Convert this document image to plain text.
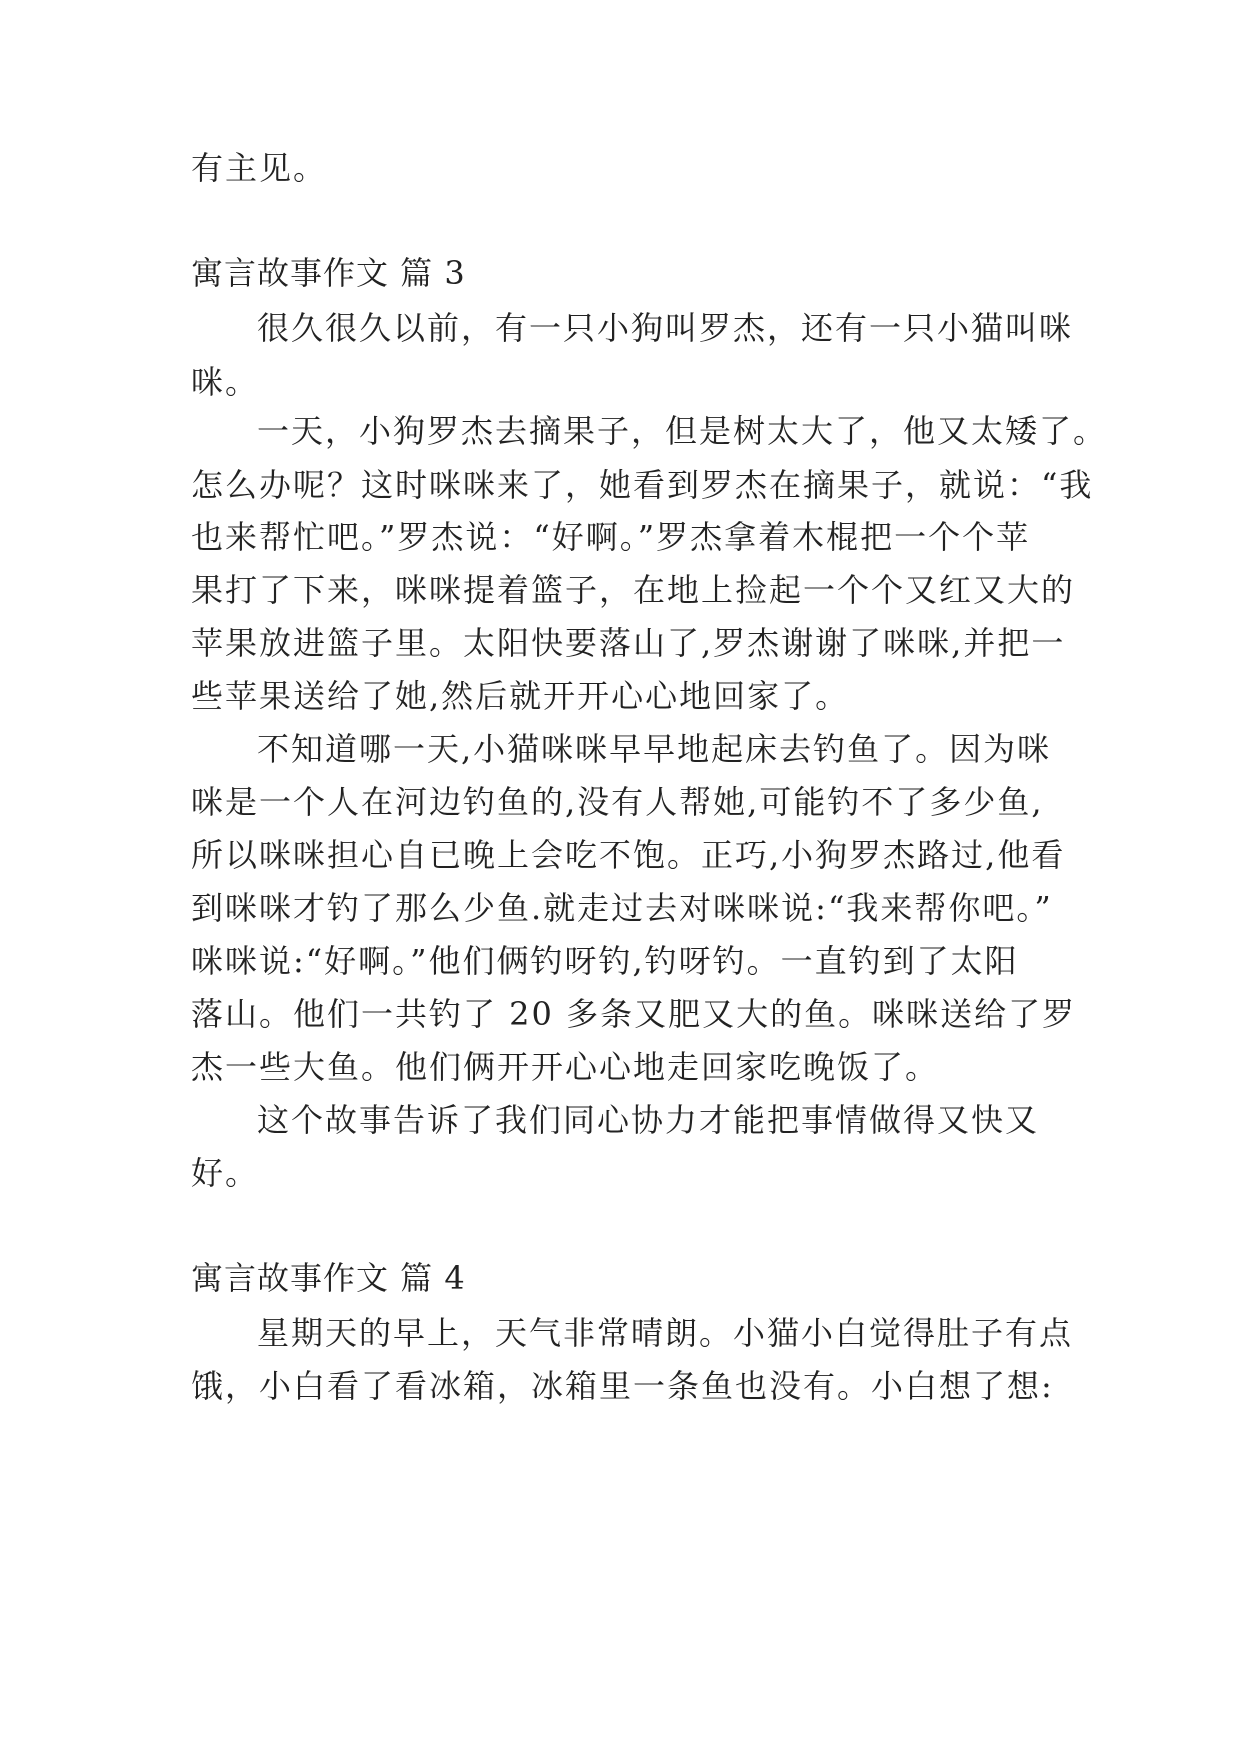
有主见。
寓言故事作文 篇 3
很久很久以前，有一只小狗叫罗杰，还有一只小猫叫咪
咪。
一天，小狗罗杰去摘果子，但是树太大了，他又太矮了。
怎么办呢？这时咪咪来了，她看到罗杰在摘果子，就说：“我
也来帮忙吧。”罗杰说：“好啊。”罗杰拿着木棍把一个个苹
果打了下来，咪咪提着篮子，在地上捡起一个个又红又大的
苹果放进篮子里。太阳快要落山了,罗杰谢谢了咪咪,并把一
些苹果送给了她,然后就开开心心地回家了。
不知道哪一天,小猫咪咪早早地起床去钓鱼了。因为咪
咪是一个人在河边钓鱼的,没有人帮她,可能钓不了多少鱼,
所以咪咪担心自已晚上会吃不饱。正巧,小狗罗杰路过,他看
到咪咪才钓了那么少鱼.就走过去对咪咪说:“我来帮你吧。”
咪咪说:“好啊。”他们俩钓呀钓,钓呀钓。一直钓到了太阳
落山。他们一共钓了 20 多条又肥又大的鱼。咪咪送给了罗
杰一些大鱼。他们俩开开心心地走回家吃晚饭了。
这个故事告诉了我们同心协力才能把事情做得又快又
好。
寓言故事作文 篇 4
星期天的早上，天气非常晴朗。小猫小白觉得肚子有点
饿，小白看了看冰箱，冰箱里一条鱼也没有。小白想了想:
